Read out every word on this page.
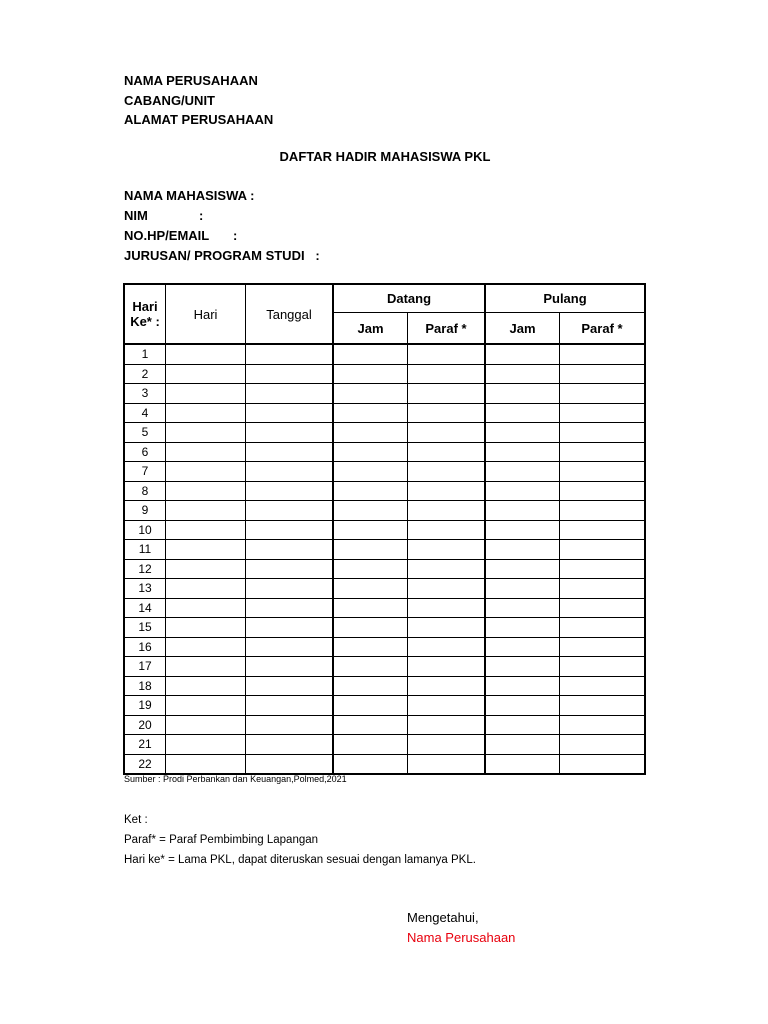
NAMA PERUSAHAAN
CABANG/UNIT
ALAMAT PERUSAHAAN
DAFTAR HADIR MAHASISWA PKL
NAMA MAHASISWA :
NIM	:
NO.HP/EMAIL	:
JURUSAN/ PROGRAM STUDI   :
Hari Ke* :	Hari	Tanggal	Datang		Pulang	
			Jam	Paraf *	Jam	Paraf *
1						
2						
3						
4						
5						
6						
7						
8						
9						
10						
11						
12						
13						
14						
15						
16						
17						
18						
19						
20						
21						
22						
Sumber : Prodi Perbankan dan Keuangan,Polmed,2021
Ket :
Paraf* = Paraf Pembimbing Lapangan
Hari ke* = Lama PKL, dapat diteruskan sesuai dengan lamanya PKL.
Mengetahui,
Nama Perusahaan
